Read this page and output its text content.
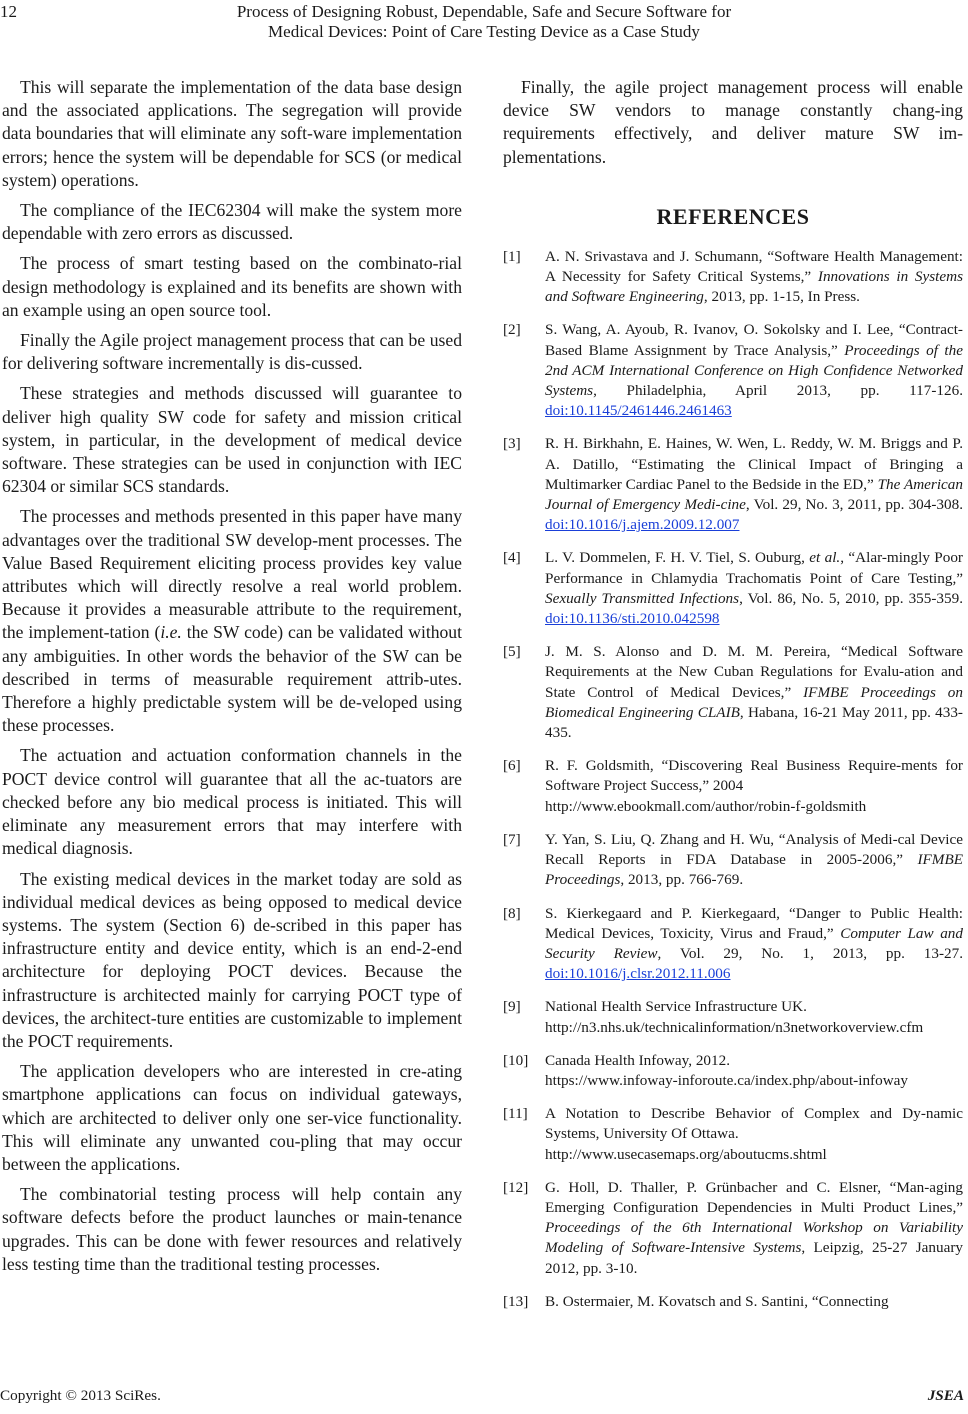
12	Process of Designing Robust, Dependable, Safe and Secure Software for
Medical Devices: Point of Care Testing Device as a Case Study

This will separate the implementation of the data base design and the associated applications. The segregation will provide data boundaries that will eliminate any soft-ware implementation errors; hence the system will be dependable for SCS (or medical system) operations.

The compliance of the IEC62304 will make the system more dependable with zero errors as discussed.

The process of smart testing based on the combinato-rial design methodology is explained and its benefits are shown with an example using an open source tool.

Finally the Agile project management process that can be used for delivering software incrementally is dis-cussed.

These strategies and methods discussed will guarantee to deliver high quality SW code for safety and mission critical system, in particular, in the development of medical device software. These strategies can be used in conjunction with IEC 62304 or similar SCS standards.

The processes and methods presented in this paper have many advantages over the traditional SW develop-ment processes. The Value Based Requirement eliciting process provides key value attributes which will directly resolve a real world problem. Because it provides a measurable attribute to the requirement, the implement-tation (i.e. the SW code) can be validated without any ambiguities. In other words the behavior of the SW can be described in terms of measurable requirement attrib-utes. Therefore a highly predictable system will be de-veloped using these processes.

The actuation and actuation conformation channels in the POCT device control will guarantee that all the ac-tuators are checked before any bio medical process is initiated. This will eliminate any measurement errors that may interfere with medical diagnosis.

The existing medical devices in the market today are sold as individual medical devices as being opposed to medical device systems. The system (Section 6) de-scribed in this paper has infrastructure entity and device entity, which is an end-2-end architecture for deploying POCT devices. Because the infrastructure is architected mainly for carrying POCT type of devices, the architect-ture entities are customizable to implement the POCT requirements.

The application developers who are interested in cre-ating smartphone applications can focus on individual gateways, which are architected to deliver only one ser-vice functionality. This will eliminate any unwanted cou-pling that may occur between the applications.

The combinatorial testing process will help contain any software defects before the product launches or main-tenance upgrades. This can be done with fewer resources and relatively less testing time than the traditional testing processes.

Finally, the agile project management process will enable device SW vendors to manage constantly chang-ing requirements effectively, and deliver mature SW im-plementations.

REFERENCES
[1]	A. N. Srivastava and J. Schumann, “Software Health Management: A Necessity for Safety Critical Systems,” Innovations in Systems and Software Engineering, 2013, pp. 1-15, In Press.
[2]	S. Wang, A. Ayoub, R. Ivanov, O. Sokolsky and I. Lee, “Contract-Based Blame Assignment by Trace Analysis,” Proceedings of the 2nd ACM International Conference on High Confidence Networked Systems, Philadelphia, April 2013, pp. 117-126. doi:10.1145/2461446.2461463
[3]	R. H. Birkhahn, E. Haines, W. Wen, L. Reddy, W. M. Briggs and P. A. Datillo, “Estimating the Clinical Impact of Bringing a Multimarker Cardiac Panel to the Bedside in the ED,” The American Journal of Emergency Medi-cine, Vol. 29, No. 3, 2011, pp. 304-308. doi:10.1016/j.ajem.2009.12.007
[4]	L. V. Dommelen, F. H. V. Tiel, S. Ouburg, et al., “Alar-mingly Poor Performance in Chlamydia Trachomatis Point of Care Testing,” Sexually Transmitted Infections, Vol. 86, No. 5, 2010, pp. 355-359. doi:10.1136/sti.2010.042598
[5]	J. M. S. Alonso and D. M. M. Pereira, “Medical Software Requirements at the New Cuban Regulations for Evalu-ation and State Control of Medical Devices,” IFMBE Proceedings on Biomedical Engineering CLAIB, Habana, 16-21 May 2011, pp. 433-435.
[6]	R. F. Goldsmith, “Discovering Real Business Require-ments for Software Project Success,” 2004
http://www.ebookmall.com/author/robin-f-goldsmith
[7]	Y. Yan, S. Liu, Q. Zhang and H. Wu, “Analysis of Medi-cal Device Recall Reports in FDA Database in 2005-2006,” IFMBE Proceedings, 2013, pp. 766-769.
[8]	S. Kierkegaard and P. Kierkegaard, “Danger to Public Health: Medical Devices, Toxicity, Virus and Fraud,” Computer Law and Security Review, Vol. 29, No. 1, 2013, pp. 13-27. doi:10.1016/j.clsr.2012.11.006
[9]	National Health Service Infrastructure UK.
http://n3.nhs.uk/technicalinformation/n3networkoverview.cfm
[10]	Canada Health Infoway, 2012.
https://www.infoway-inforoute.ca/index.php/about-infoway
[11]	A Notation to Describe Behavior of Complex and Dy-namic Systems, University Of Ottawa.
http://www.usecasemaps.org/aboutucms.shtml
[12]	G. Holl, D. Thaller, P. Grünbacher and C. Elsner, “Man-aging Emerging Configuration Dependencies in Multi Product Lines,” Proceedings of the 6th International Workshop on Variability Modeling of Software-Intensive Systems, Leipzig, 25-27 January 2012, pp. 3-10.
[13]	B. Ostermaier, M. Kovatsch and S. Santini, “Connecting
Copyright © 2013 SciRes.	JSEA
